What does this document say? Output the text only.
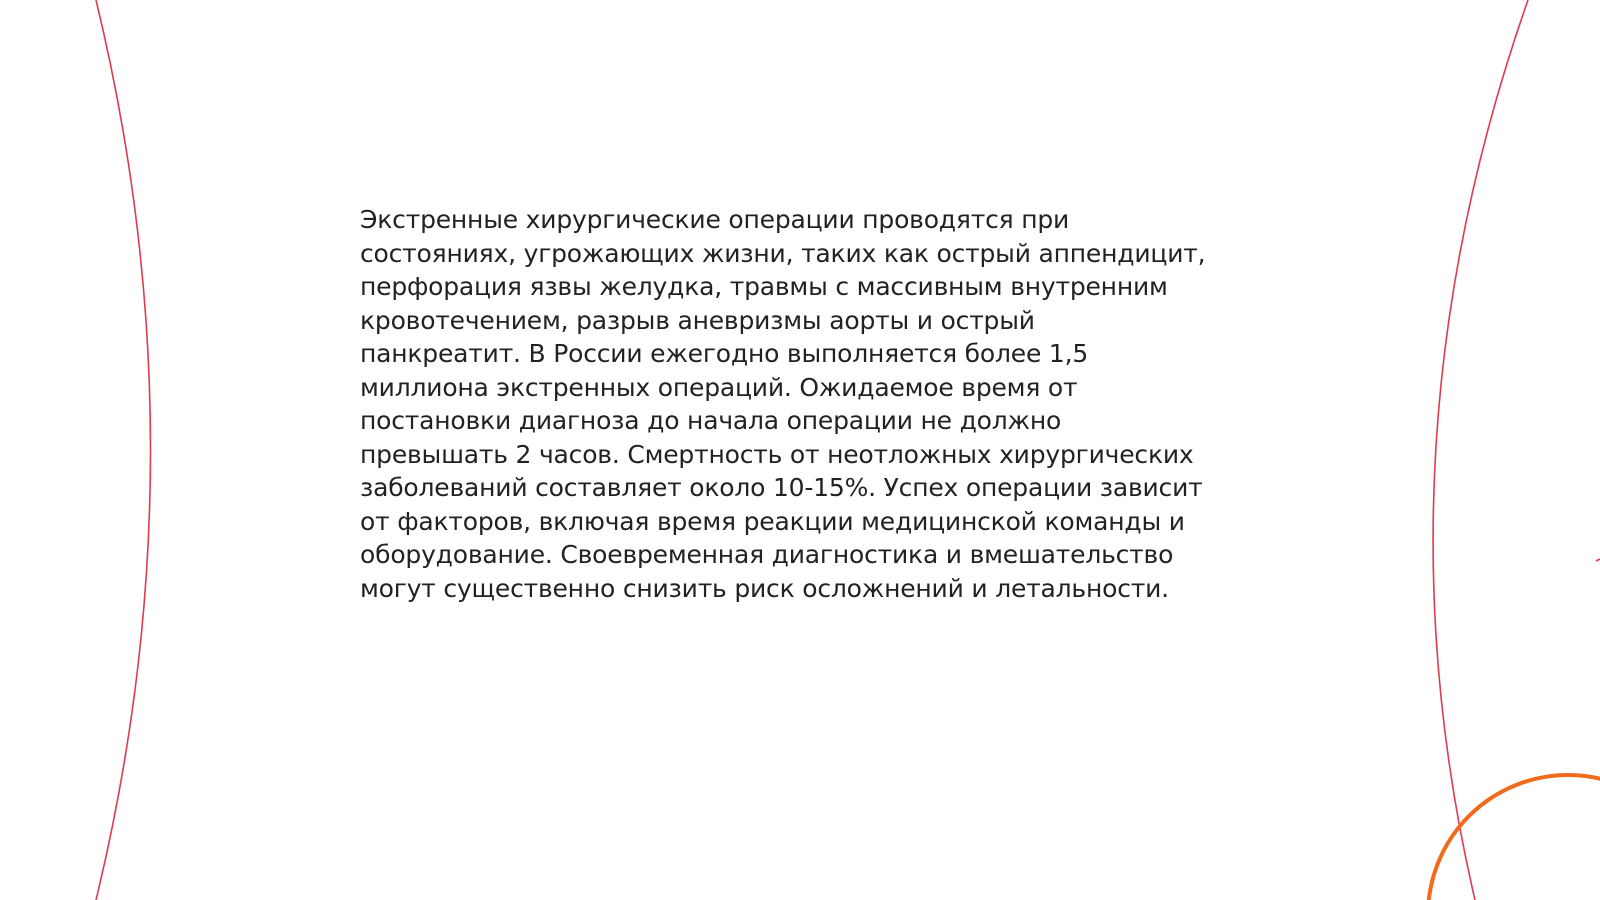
Экстренные хирургические операции проводятся при
состояниях, угрожающих жизни, таких как острый аппендицит,
перфорация язвы желудка, травмы с массивным внутренним
кровотечением, разрыв аневризмы аорты и острый
панкреатит. В России ежегодно выполняется более 1,5
миллиона экстренных операций. Ожидаемое время от
постановки диагноза до начала операции не должно
превышать 2 часов. Смертность от неотложных хирургических
заболеваний составляет около 10-15%. Успех операции зависит
от факторов, включая время реакции медицинской команды и
оборудование. Своевременная диагностика и вмешательство
могут существенно снизить риск осложнений и летальности.
